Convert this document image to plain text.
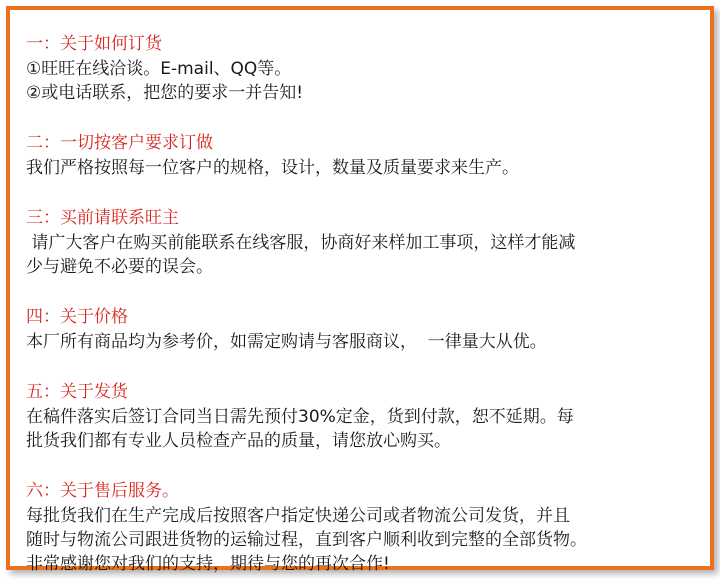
一：关于如何订货
①旺旺在线洽谈。E-mail、QQ等。
②或电话联系，把您的要求一并告知!
二：一切按客户要求订做
我们严格按照每一位客户的规格，设计，数量及质量要求来生产。
三：买前请联系旺主
请广大客户在购买前能联系在线客服，协商好来样加工事项，这样才能减
少与避免不必要的误会。
四：关于价格
本厂所有商品均为参考价，如需定购请与客服商议，  一律量大从优。
五：关于发货
在稿件落实后签订合同当日需先预付30%定金，货到付款，恕不延期。每
批货我们都有专业人员检查产品的质量，请您放心购买。
六：关于售后服务。
每批货我们在生产完成后按照客户指定快递公司或者物流公司发货，并且
随时与物流公司跟进货物的运输过程，直到客户顺利收到完整的全部货物。
非常感谢您对我们的支持，期待与您的再次合作!
